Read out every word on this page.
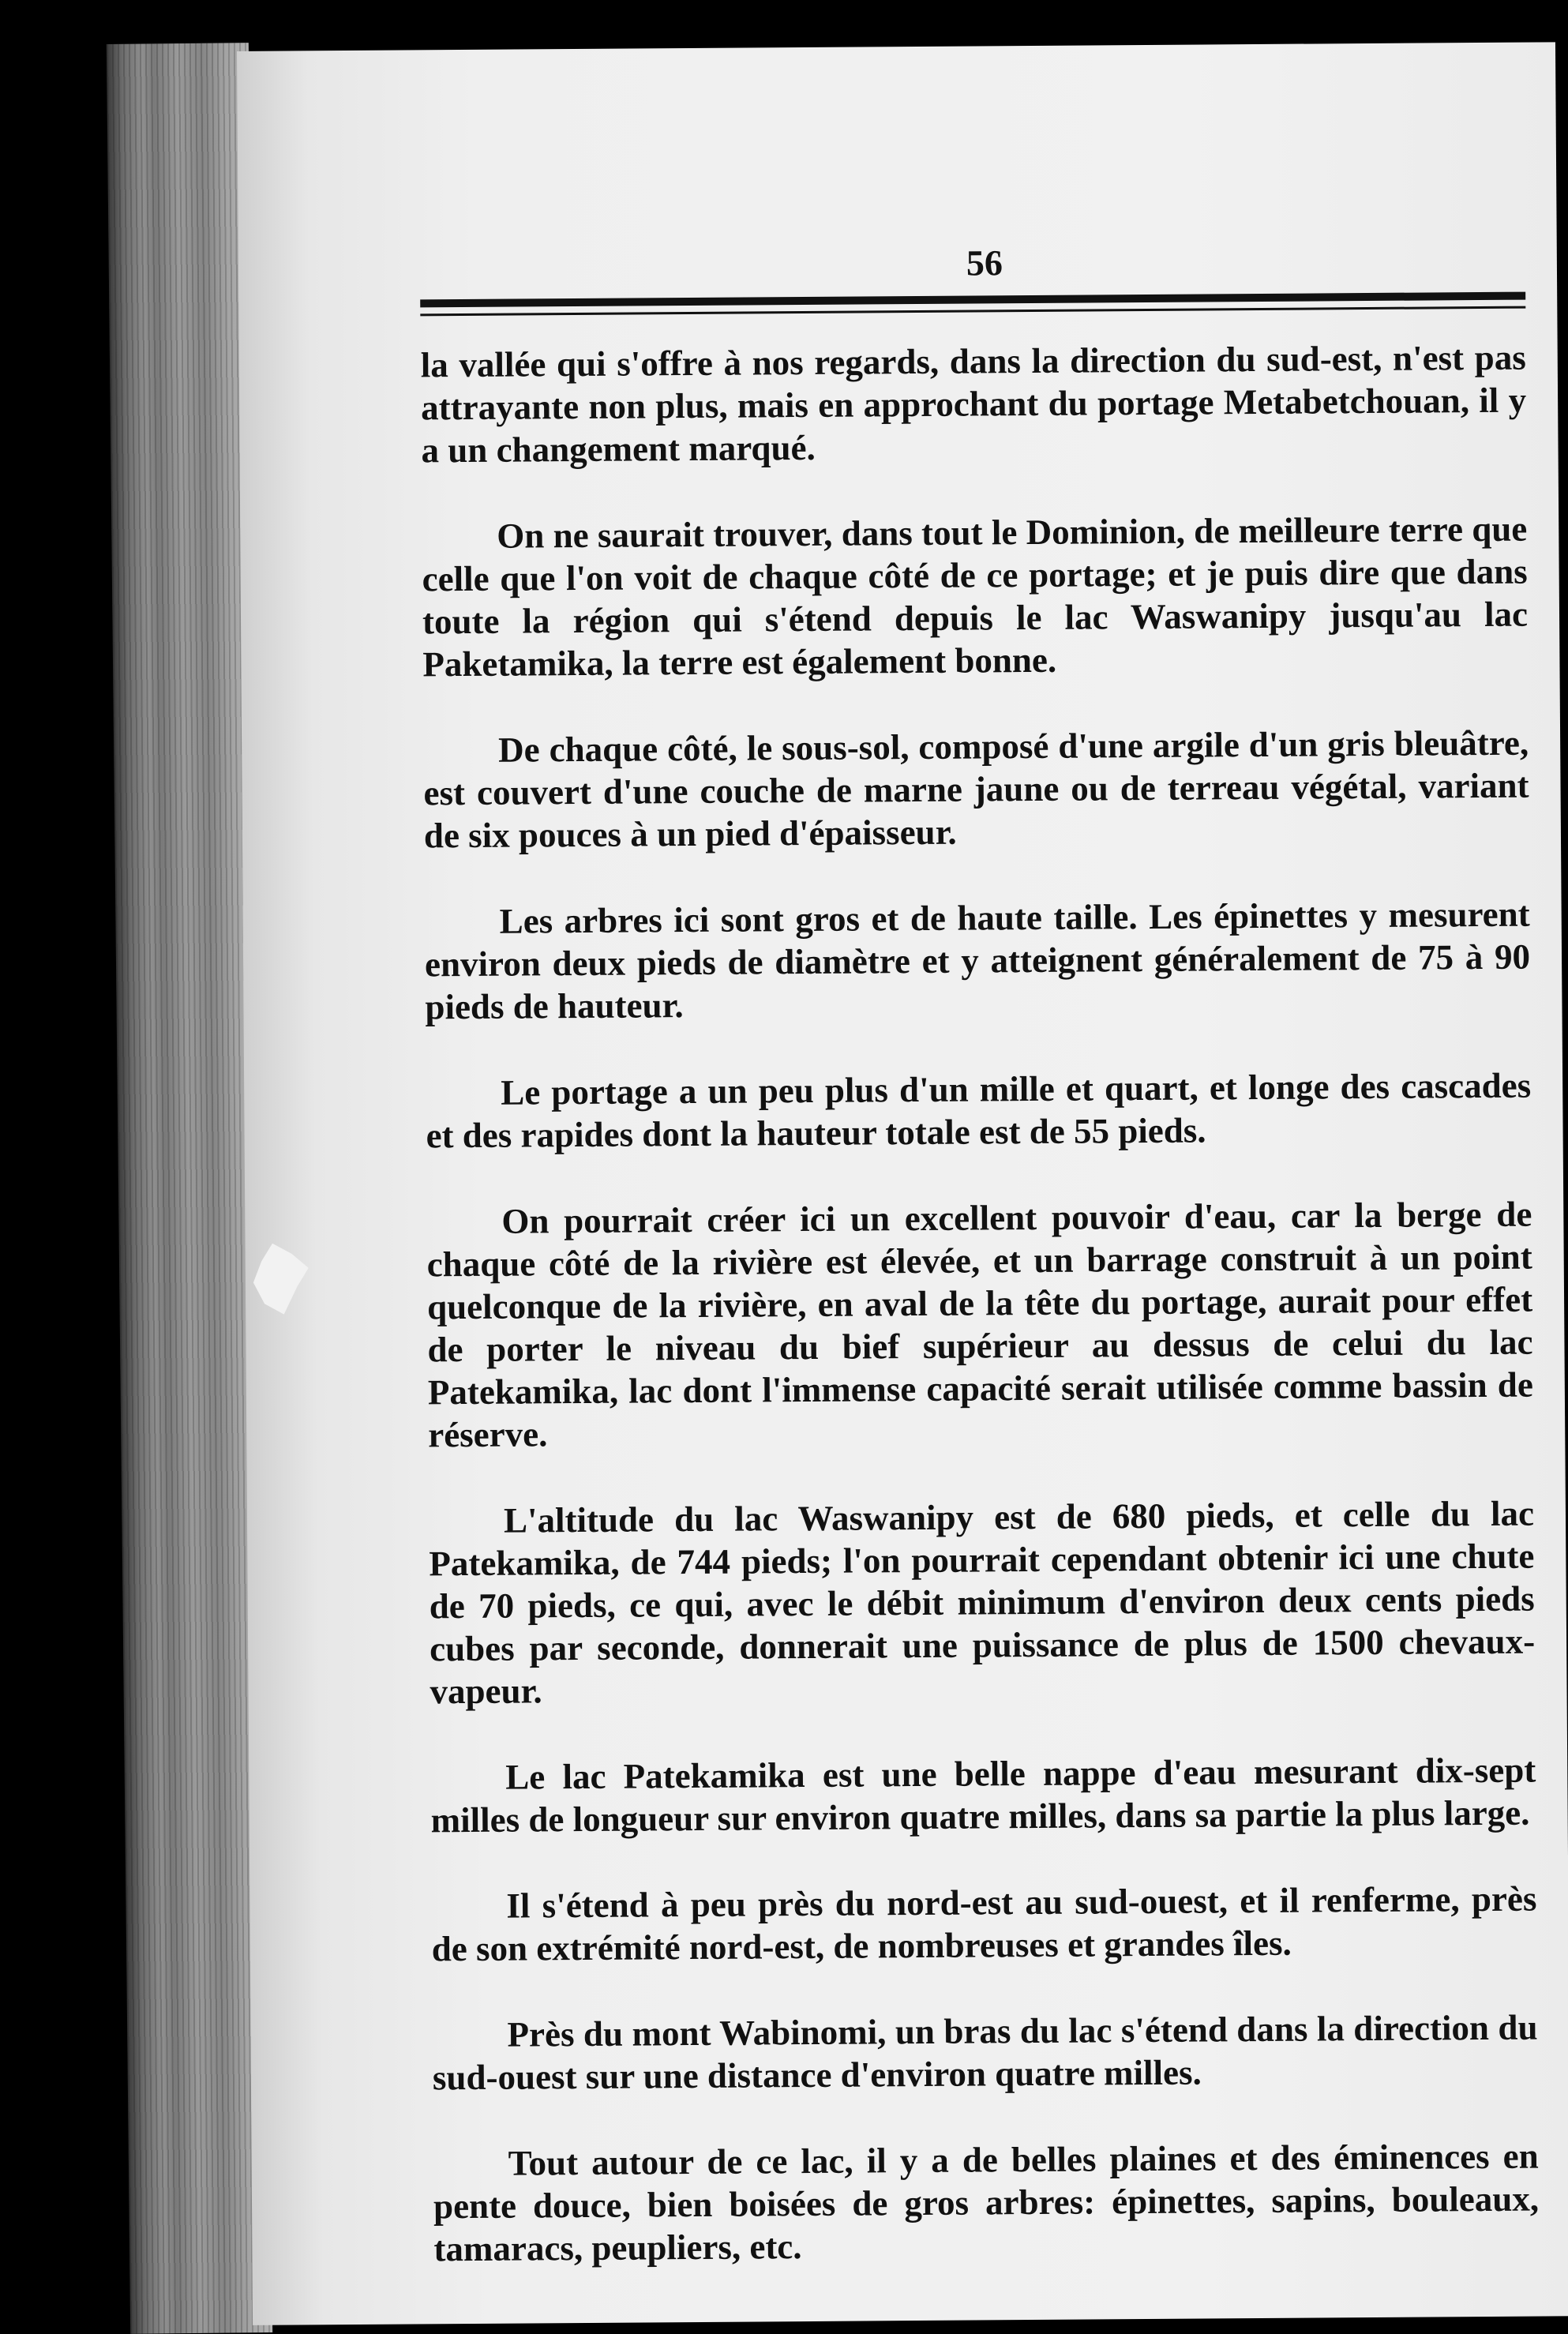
56

la vallée qui s'offre à nos regards, dans la direction du sud-est, n'est pas attrayante non plus, mais en approchant du portage Metabetchouan, il y a un changement marqué.

On ne saurait trouver, dans tout le Dominion, de meilleure terre que celle que l'on voit de chaque côté de ce portage; et je puis dire que dans toute la région qui s'étend depuis le lac Waswanipy jusqu'au lac Paketamika, la terre est également bonne.

De chaque côté, le sous-sol, composé d'une argile d'un gris bleuâtre, est couvert d'une couche de marne jaune ou de terreau végétal, variant de six pouces à un pied d'épaisseur.

Les arbres ici sont gros et de haute taille. Les épinettes y mesurent environ deux pieds de diamètre et y atteignent généralement de 75 à 90 pieds de hauteur.

Le portage a un peu plus d'un mille et quart, et longe des cascades et des rapides dont la hauteur totale est de 55 pieds.

On pourrait créer ici un excellent pouvoir d'eau, car la berge de chaque côté de la rivière est élevée, et un barrage construit à un point quelconque de la rivière, en aval de la tête du portage, aurait pour effet de porter le niveau du bief supérieur au dessus de celui du lac Patekamika, lac dont l'immense capacité serait utilisée comme bassin de réserve.

L'altitude du lac Waswanipy est de 680 pieds, et celle du lac Patekamika, de 744 pieds; l'on pourrait cependant obtenir ici une chute de 70 pieds, ce qui, avec le débit minimum d'environ deux cents pieds cubes par seconde, donnerait une puissance de plus de 1500 chevaux-vapeur.

Le lac Patekamika est une belle nappe d'eau mesurant dix-sept milles de longueur sur environ quatre milles, dans sa partie la plus large.

Il s'étend à peu près du nord-est au sud-ouest, et il renferme, près de son extrémité nord-est, de nombreuses et grandes îles.

Près du mont Wabinomi, un bras du lac s'étend dans la direction du sud-ouest sur une distance d'environ quatre milles.

Tout autour de ce lac, il y a de belles plaines et des éminences en pente douce, bien boisées de gros arbres: épinettes, sapins, bouleaux, tamaracs, peupliers, etc.
